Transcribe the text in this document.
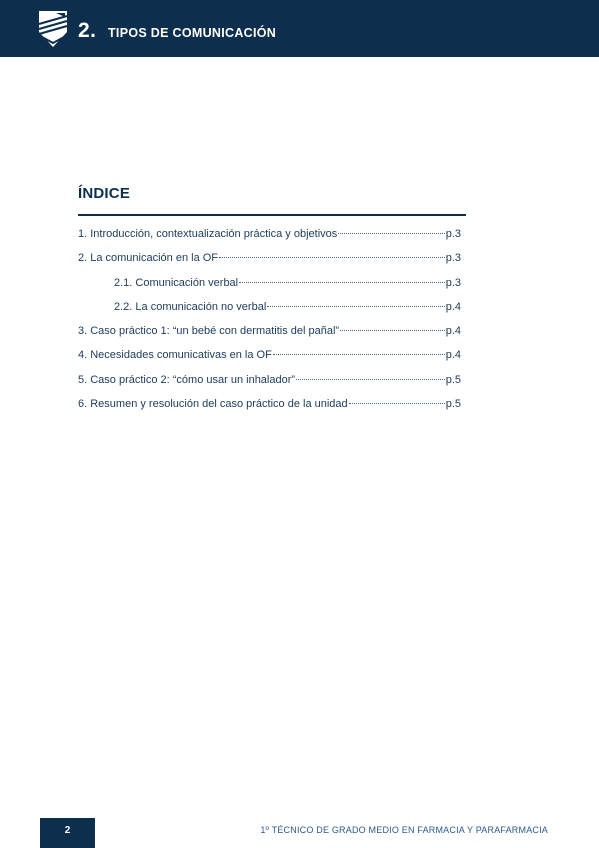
2. TIPOS DE COMUNICACIÓN
ÍNDICE
1. Introducción, contextualización práctica y objetivos	p.3
2. La comunicación en la OF	p.3
2.1. Comunicación verbal	p.3
2.2. La comunicación no verbal	p.4
3. Caso práctico 1: “un bebé con dermatitis del pañal”	p.4
4. Necesidades comunicativas en la OF	p.4
5. Caso práctico 2: “cómo usar un inhalador”	p.5
6. Resumen y resolución del caso práctico de la unidad	p.5
2	1º TÉCNICO DE GRADO MEDIO EN FARMACIA Y PARAFARMACIA
